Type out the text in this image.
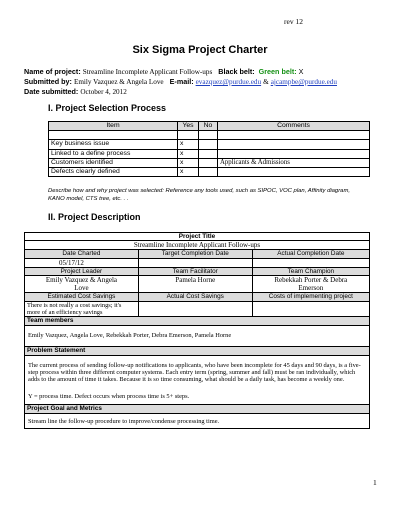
rev 12
Six Sigma Project Charter
Name of project: Streamline Incomplete Applicant Follow-ups Black belt: Green belt: X
Submitted by: Emily Vazquez & Angela Love E-mail: evazquez@purdue.edu & ajcampbe@purdue.edu
Date submitted: October 4, 2012
I. Project Selection Process
Item	Yes	No	Comments

Key business issue	x		
Linked to a define process	x		
Customers identified	x		Applicants & Admissions
Defects clearly defined	x		
Describe how and why project was selected: Reference any tools used, such as SIPOC, VOC plan, Affinity diagram, KANO model, CTS tree, etc. . .
II. Project Description
Project Title		
Streamline Incomplete Applicant Follow-ups		
Date Charted	Target Completion Date	Actual Completion Date
05/17/12		
Project Leader	Team Facilitator	Team Champion
Emily Vazquez & Angela Love	Pamela Horne	Rebekkah Porter & Debra Emerson
Estimated Cost Savings	Actual Cost Savings	Costs of implementing project
There is not really a cost savings; it's more of an efficiency savings		
Team members		
Emily Vazquez, Angela Love, Rebekkah Porter, Debra Emerson, Pamela Horne		
Problem Statement		

The current process of sending follow-up notifications to applicants, who have been incomplete for 45 days and 90 days, is a five-step process within three different computer systems. Each entry term (spring, summer and fall) must be ran individually, which adds to the amount of time it takes. Because it is so time consuming, what should be a daily task, has become a weekly one.
Y = process time. Defect occurs when process time is 5+ steps.		

Project Goal and Metrics		
Stream line the follow-up procedure to improve/condense processing time.		
1
